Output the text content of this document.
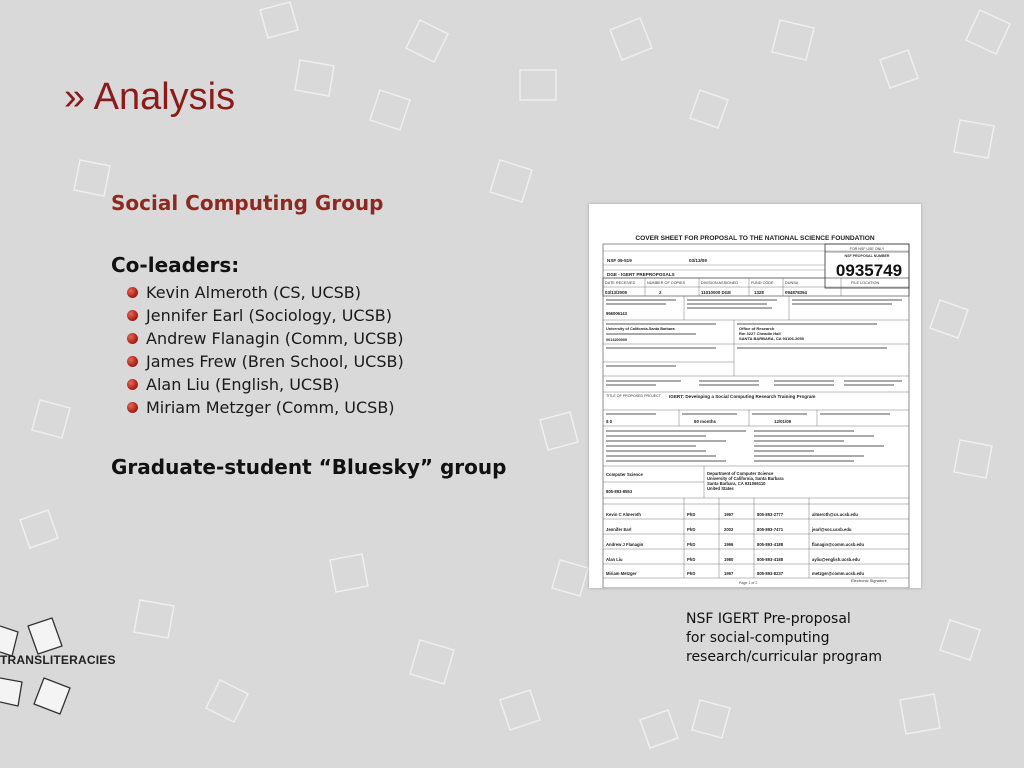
» Analysis
Social Computing Group
Co-leaders:
Kevin Almeroth (CS, UCSB)
Jennifer Earl (Sociology, UCSB)
Andrew Flanagin (Comm, UCSB)
James Frew (Bren School, UCSB)
Alan Liu (English, UCSB)
Miriam Metzger (Comm, UCSB)
Graduate-student “Bluesky” group
COVER SHEET FOR PROPOSAL TO THE NATIONAL SCIENCE FOUNDATION
FOR NSF USE ONLY
NSF PROPOSAL NUMBER
0935749
NSF 09-519	03/13/09
DGE - IGERT PREPROPOSALS
DATE RECEIVED	NUMBER OF COPIES	DIVISION ASSIGNED	FUND CODE	DUNS#	FILE LOCATION
03/13/2009	2	11010000 DGE	1328	094878394
956006143
University of California-Santa Barbara
0013200000
Office of Research
Rm 3227 Cheadle Hall
SANTA BARBARA, CA 93106-2050
TITLE OF PROPOSED PROJECT IGERT: Developing a Social Computing Research Training Program
$ 0	60 months	12/01/09
Computer Science
805-893-8553
Department of Computer Science
University of California, Santa Barbara
Santa Barbara, CA 931065110
United States
Kevin C Almeroth	PhD	1997	805-893-2777	almeroth@cs.ucsb.edu
Jennifer Earl	PhD	2002	805-893-7471	jearl@soc.ucsb.edu
Andrew J Flanagin	PhD	1996	805-893-4188	flanagin@comm.ucsb.edu
Alan Liu	PhD	1980	805-893-4188	ayliu@english.ucsb.edu
Miriam Metzger	PhD	1997	805-893-8237	metzger@comm.ucsb.edu
Page 1 of 2	Electronic Signature
NSF IGERT Pre-proposal
for social-computing
research/curricular program
TRANSLITERACIES
